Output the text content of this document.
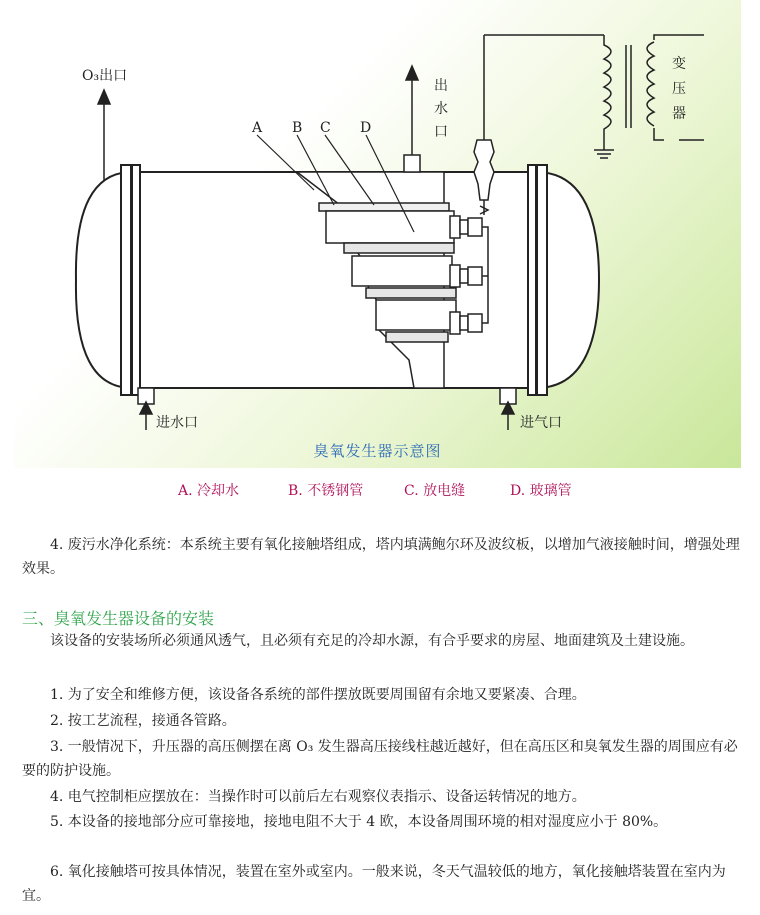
O₃出口
出
水
口
变
压
器
A B C D
进水口	进气口
臭氧发生器示意图
A. 冷却水	B. 不锈钢管	C. 放电缝	D. 玻璃管

4. 废污水净化系统：本系统主要有氧化接触塔组成，塔内填满鲍尔环及波纹板，以增加气液接触时间，增强处理效果。

三、臭氧发生器设备的安装

该设备的安装场所必须通风透气，且必须有充足的冷却水源，有合乎要求的房屋、地面建筑及土建设施。

1. 为了安全和维修方便，该设备各系统的部件摆放既要周围留有余地又要紧凑、合理。

2. 按工艺流程，接通各管路。

3. 一般情况下，升压器的高压侧摆在离 O₃ 发生器高压接线柱越近越好，但在高压区和臭氧发生器的周围应有必要的防护设施。

4. 电气控制柜应摆放在：当操作时可以前后左右观察仪表指示、设备运转情况的地方。

5. 本设备的接地部分应可靠接地，接地电阻不大于 4 欧，本设备周围环境的相对湿度应小于 80%。

6. 氧化接触塔可按具体情况，装置在室外或室内。一般来说，冬天气温较低的地方，氧化接触塔装置在室内为宜。
